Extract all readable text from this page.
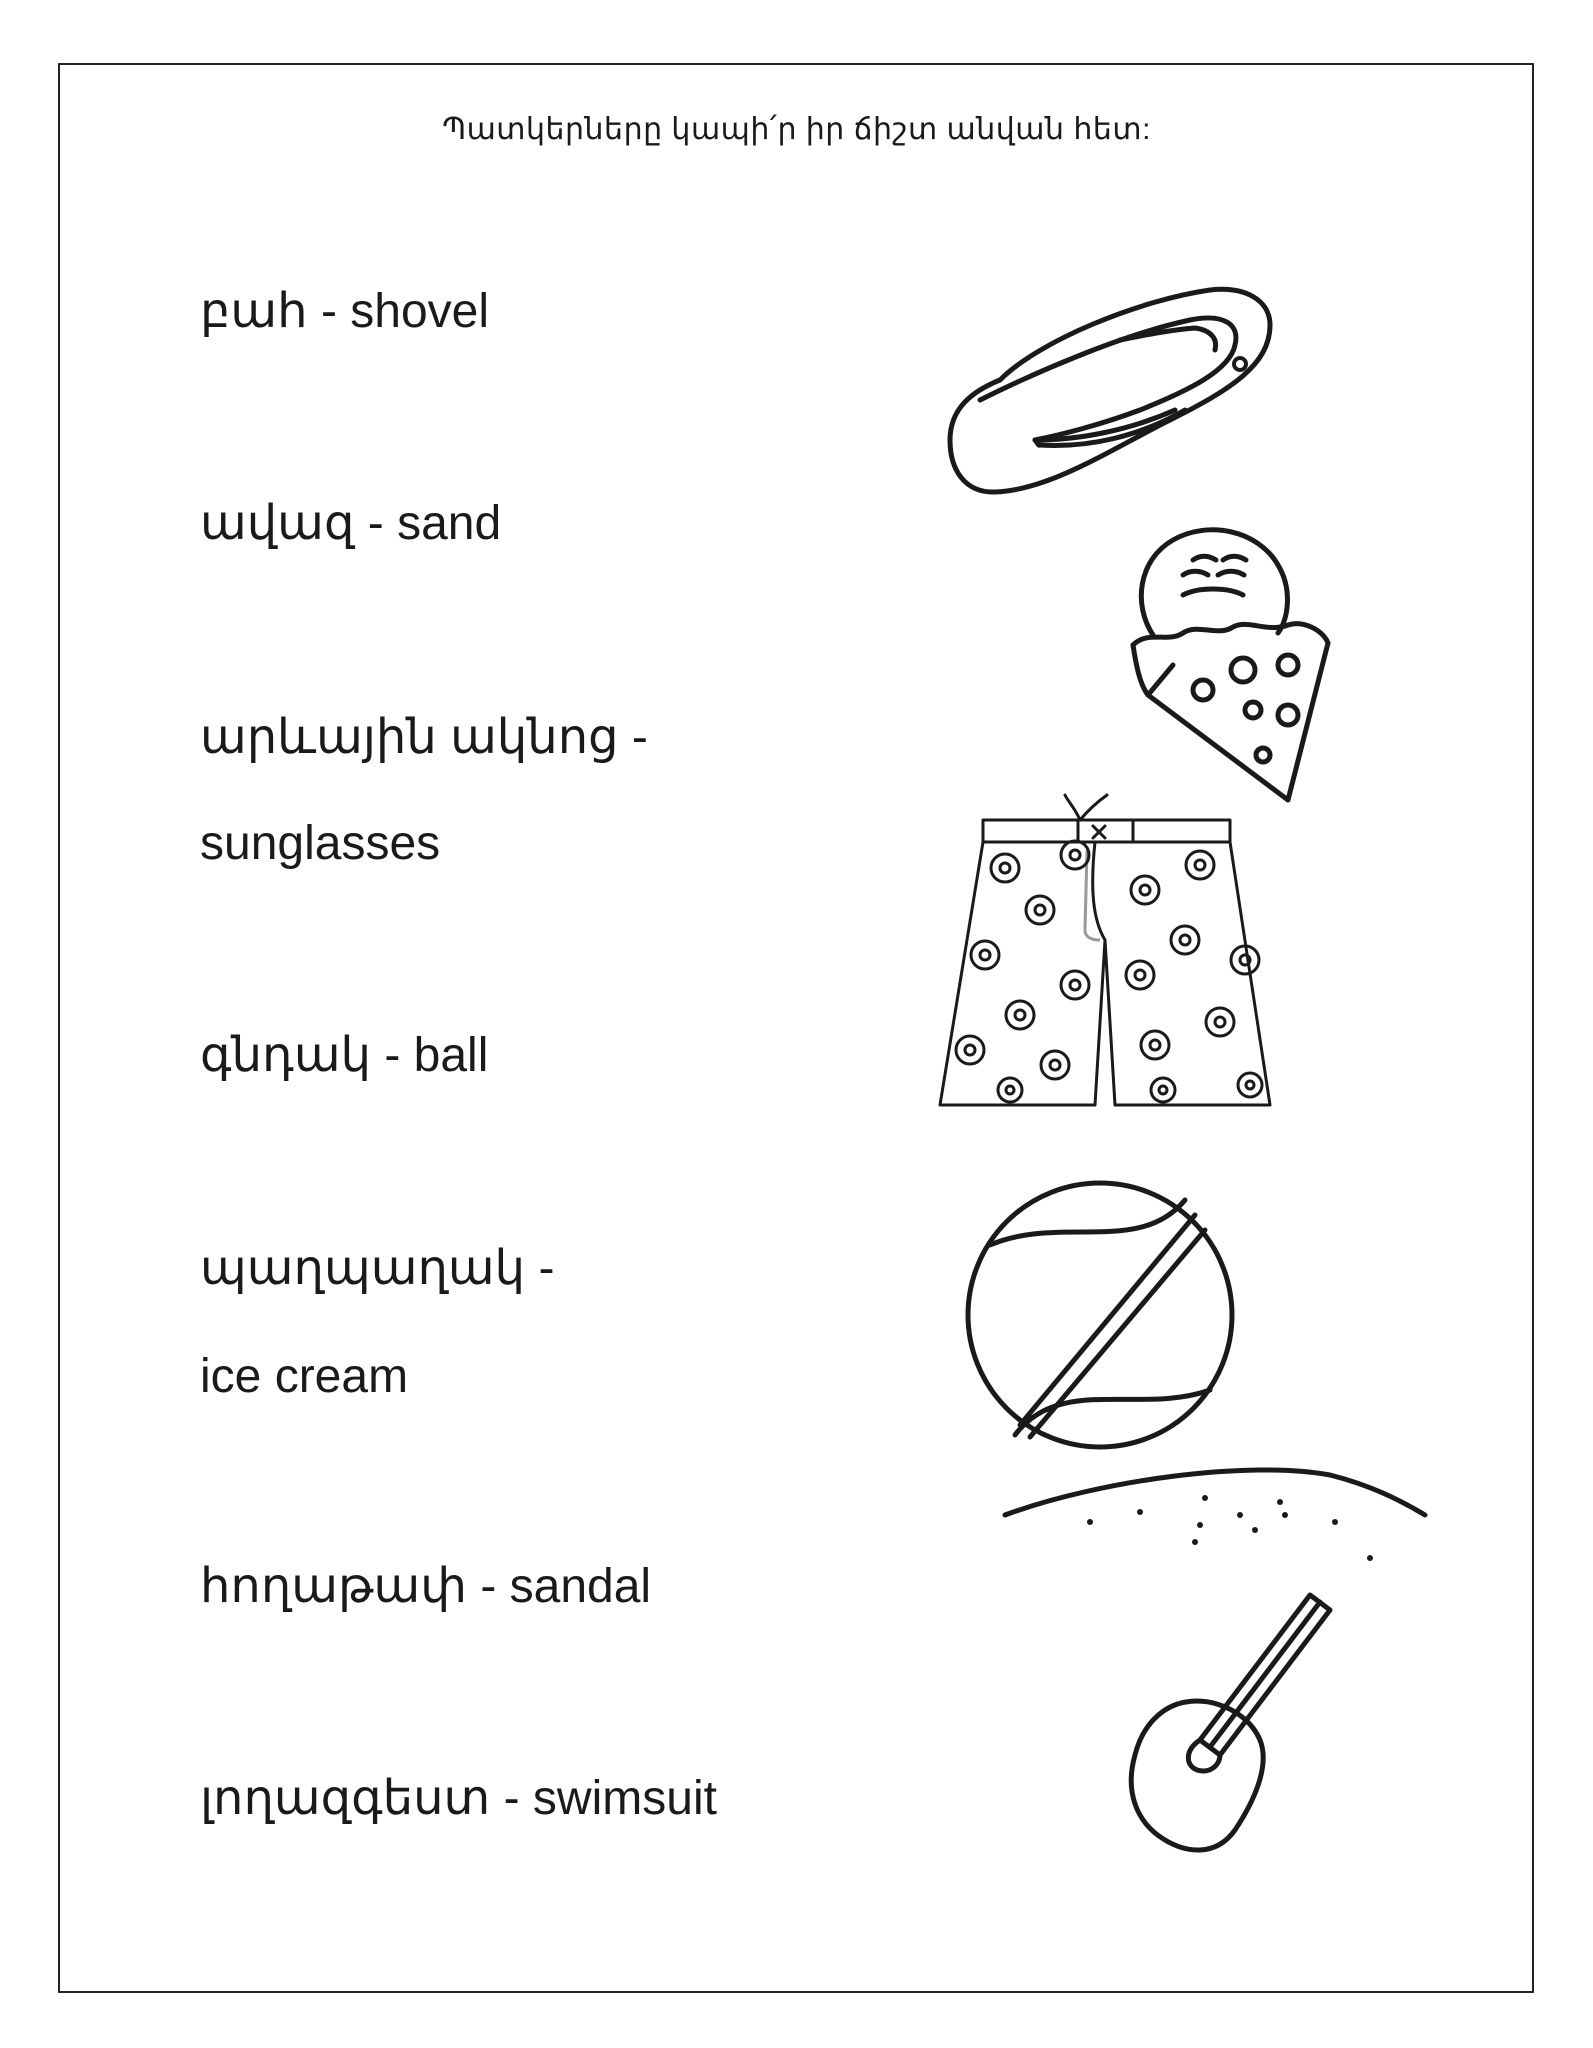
Պատկերները կապի՛ր իր ճիշտ անվան հետ:
բահ - shovel
ավազ - sand
արևային ակնոց -
sunglasses
գնդակ - ball
պաղպաղակ -
ice cream
հողաթափ - sandal
լողազգեստ - swimsuit
